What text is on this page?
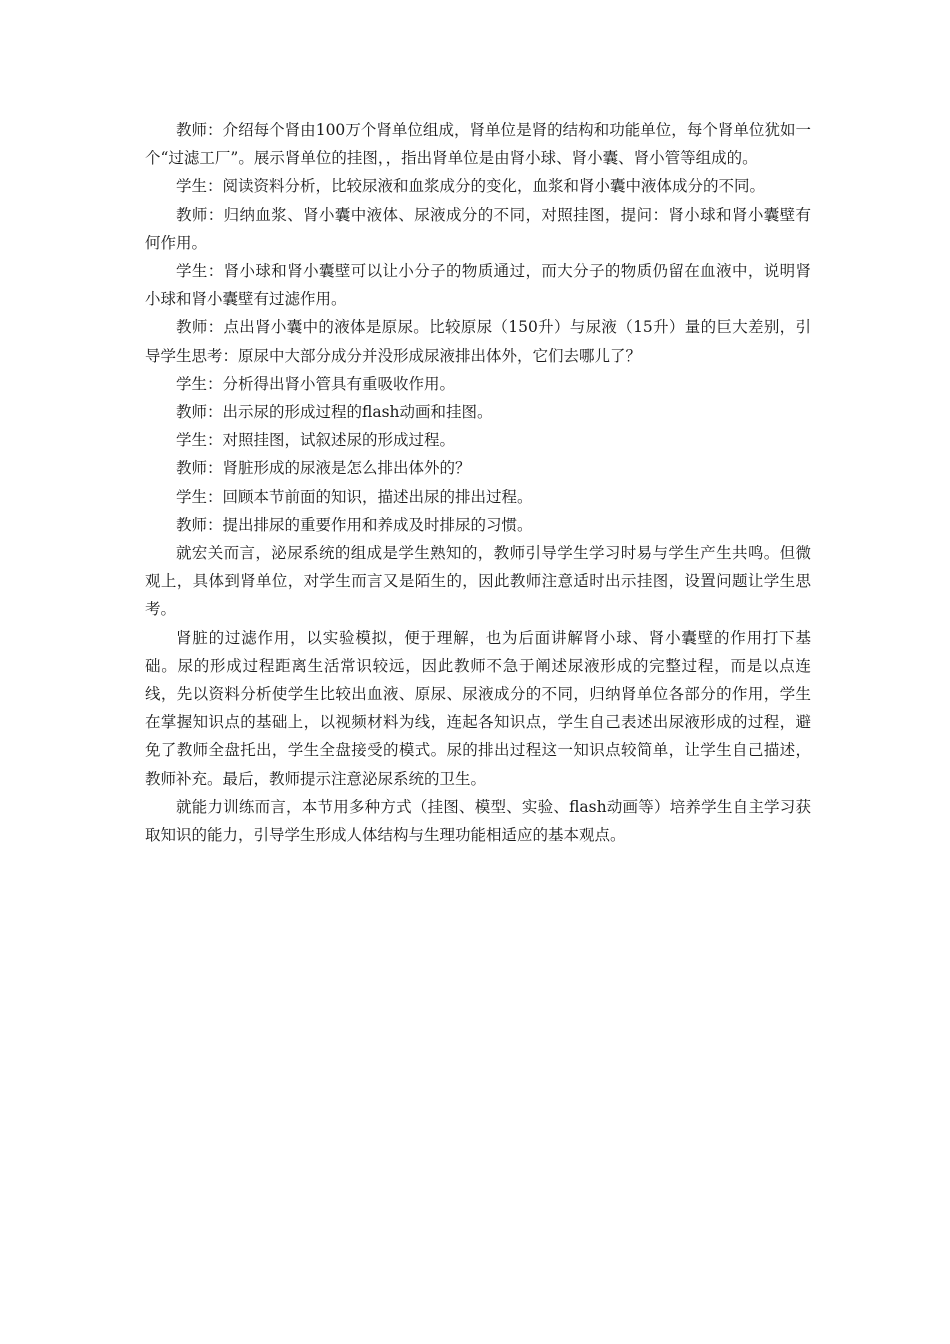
教师：介绍每个肾由100万个肾单位组成，肾单位是肾的结构和功能单位，每个肾单位犹如一个“过滤工厂”。展示肾单位的挂图，，指出肾单位是由肾小球、肾小囊、肾小管等组成的。

学生：阅读资料分析，比较尿液和血浆成分的变化，血浆和肾小囊中液体成分的不同。

教师：归纳血浆、肾小囊中液体、尿液成分的不同，对照挂图，提问：肾小球和肾小囊壁有何作用。

学生：肾小球和肾小囊壁可以让小分子的物质通过，而大分子的物质仍留在血液中，说明肾小球和肾小囊壁有过滤作用。

教师：点出肾小囊中的液体是原尿。比较原尿（150升）与尿液（15升）量的巨大差别，引导学生思考：原尿中大部分成分并没形成尿液排出体外，它们去哪儿了？

学生：分析得出肾小管具有重吸收作用。

教师：出示尿的形成过程的flash动画和挂图。

学生：对照挂图，试叙述尿的形成过程。

教师：肾脏形成的尿液是怎么排出体外的？

学生：回顾本节前面的知识，描述出尿的排出过程。

教师：提出排尿的重要作用和养成及时排尿的习惯。

就宏关而言，泌尿系统的组成是学生熟知的，教师引导学生学习时易与学生产生共鸣。但微观上，具体到肾单位，对学生而言又是陌生的，因此教师注意适时出示挂图，设置问题让学生思考。

肾脏的过滤作用，以实验模拟，便于理解，也为后面讲解肾小球、肾小囊壁的作用打下基础。尿的形成过程距离生活常识较远，因此教师不急于阐述尿液形成的完整过程，而是以点连线，先以资料分析使学生比较出血液、原尿、尿液成分的不同，归纳肾单位各部分的作用，学生在掌握知识点的基础上，以视频材料为线，连起各知识点，学生自己表述出尿液形成的过程，避免了教师全盘托出，学生全盘接受的模式。尿的排出过程这一知识点较简单，让学生自己描述，教师补充。最后，教师提示注意泌尿系统的卫生。

就能力训练而言，本节用多种方式（挂图、模型、实验、flash动画等）培养学生自主学习获取知识的能力，引导学生形成人体结构与生理功能相适应的基本观点。
